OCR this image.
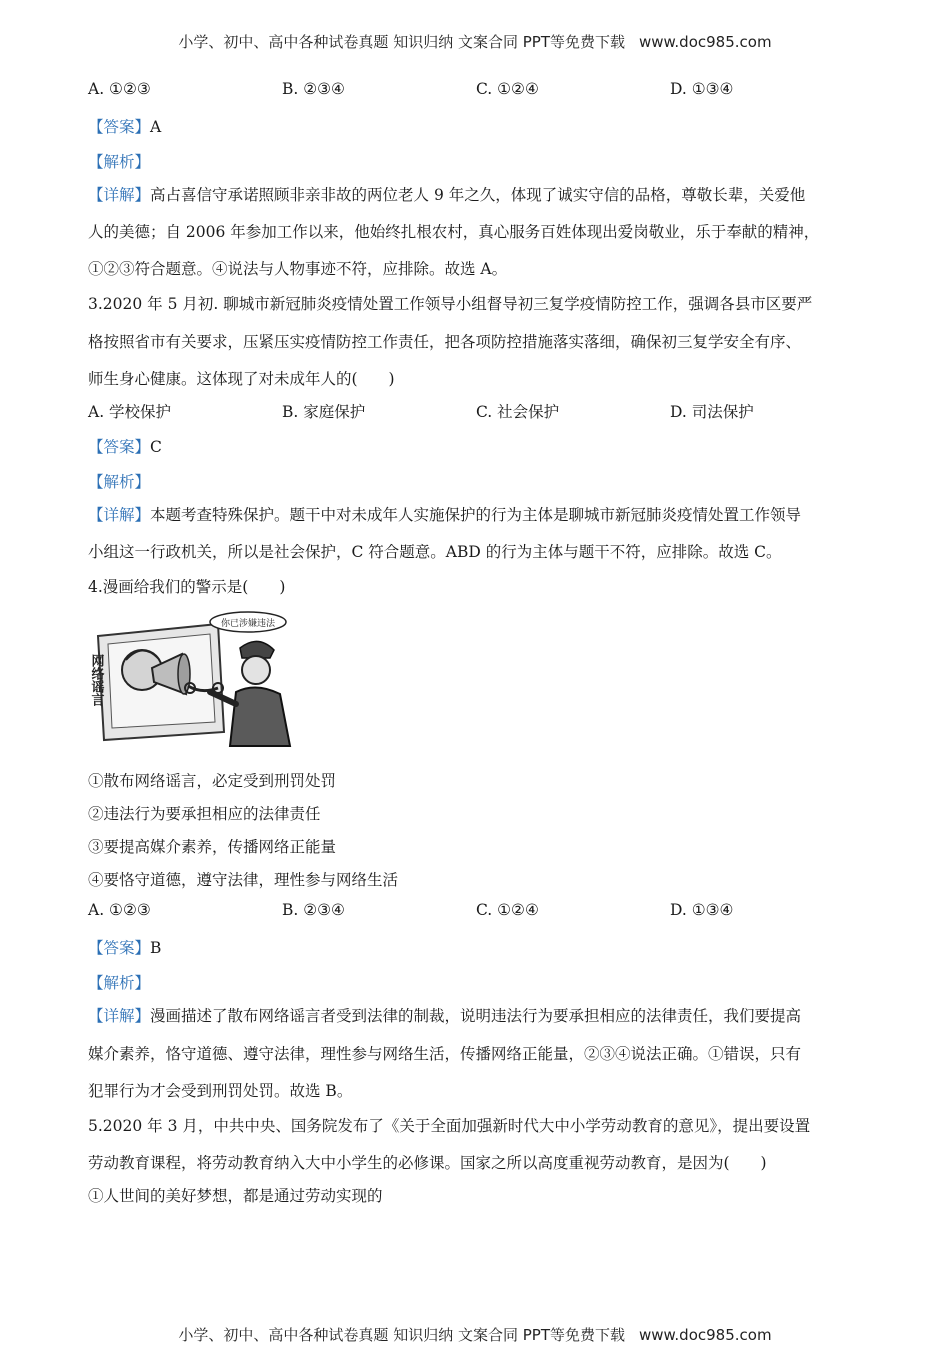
小学、初中、高中各种试卷真题 知识归纳 文案合同 PPT等免费下载 www.doc985.com
A. ①②③	B. ②③④	C. ①②④	D. ①③④
【答案】A
【解析】
【详解】高占喜信守承诺照顾非亲非故的两位老人 9 年之久，体现了诚实守信的品格，尊敬长辈，关爱他
人的美德；自 2006 年参加工作以来，他始终扎根农村，真心服务百姓体现出爱岗敬业，乐于奉献的精神，
①②③符合题意。④说法与人物事迹不符，应排除。故选 A。
3.2020 年 5 月初. 聊城市新冠肺炎疫情处置工作领导小组督导初三复学疫情防控工作，强调各县市区要严
格按照省市有关要求，压紧压实疫情防控工作责任，把各项防控措施落实落细，确保初三复学安全有序、
师生身心健康。这体现了对未成年人的(　　)
A. 学校保护	B. 家庭保护	C. 社会保护	D. 司法保护
【答案】C
【解析】
【详解】本题考查特殊保护。题干中对未成年人实施保护的行为主体是聊城市新冠肺炎疫情处置工作领导
小组这一行政机关，所以是社会保护，C 符合题意。ABD 的行为主体与题干不符，应排除。故选 C。
4.漫画给我们的警示是(　　)
你已涉嫌违法
网络谣言
①散布网络谣言，必定受到刑罚处罚
②违法行为要承担相应的法律责任
③要提高媒介素养，传播网络正能量
④要恪守道德，遵守法律，理性参与网络生活
A. ①②③	B. ②③④	C. ①②④	D. ①③④
【答案】B
【解析】
【详解】漫画描述了散布网络谣言者受到法律的制裁，说明违法行为要承担相应的法律责任，我们要提高
媒介素养，恪守道德、遵守法律，理性参与网络生活，传播网络正能量，②③④说法正确。①错误，只有
犯罪行为才会受到刑罚处罚。故选 B。
5.2020 年 3 月，中共中央、国务院发布了《关于全面加强新时代大中小学劳动教育的意见》，提出要设置
劳动教育课程，将劳动教育纳入大中小学生的必修课。国家之所以高度重视劳动教育，是因为(　　)
①人世间的美好梦想，都是通过劳动实现的
小学、初中、高中各种试卷真题 知识归纳 文案合同 PPT等免费下载 www.doc985.com
